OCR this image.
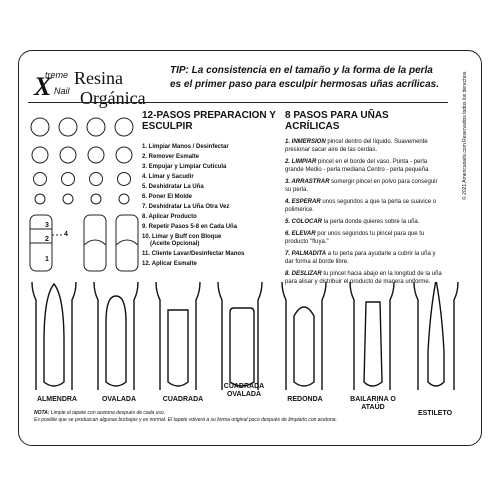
X
treme
Nail
Resina
Orgánica
TIP: La consistencia en el tamaño y la forma de la perla es el primer paso para esculpir hermosas uñas acrílicas.	© 2021 Americanails.com Reservados todos los derechos.
3
2
1
4
12-PASOS PREPARACION Y ESCULPIR
1. Limpiar Manos / Desinfectar
2. Remover Esmalte
3. Empujar y Limpiar Cutícula
4. Limar y Sacudir
5. Deshidratar La Uña
6. Poner El Molde
7. Deshidratar La Uña Otra Vez
8. Aplicar Producto
9. Repetir Pasos 5-8 en Cada Uña
10. Limar y Buff con Bloque
(Aceite Opcional)
11. Cliente Lavar/Desinfectar Manos
12. Aplicar Esmalte
8 PASOS PARA UÑAS ACRÍLICAS
1. INMERSION pincel dentro del líquido. Suavemente presionar sacar aire de las cerdas.
2. LIMPIAR pincel en el borde del vaso. Punta - perla grande Medio - perla mediana Centro - perla pequeña
3. ARRASTRAR sumergir pincel en polvo para conseguir su perla.
4. ESPERAR unos segundos a que la perla se suavice o polimerice.
5. COLOCAR la perla donde quieres sobre la uña.
6. ELEVAR por unos segundos tu pincel para que tu producto "fluya."
7. PALMADITA a tu perla para ayudarle a cubrir la uña y dar forma al borde libre.
8. DESLIZAR tu pincel hacia abajo en la longitud de la uña para alisar y distribuir el producto de manera uniforme.
ALMENDRA	OVALADA	CUADRADA
CUADRADA OVALADA
REDONDA	BAILARINA O ATAÚD
ESTILETO
NOTA: Limpie el tapete con acetona después de cada uso.
Es posible que se produzcan algunas burbujas y es normal. El tapete volverá a su forma original poco después de limpiarlo con acetona.
